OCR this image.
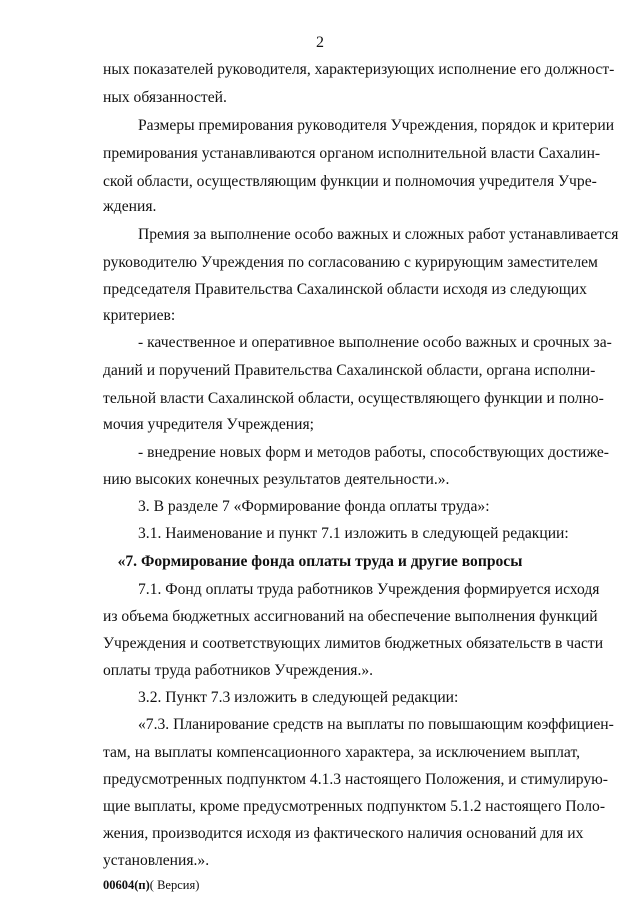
2
ных показателей руководителя, характеризующих исполнение его должност-
ных обязанностей.
Размеры премирования руководителя Учреждения, порядок и критерии
премирования устанавливаются органом исполнительной власти Сахалин-
ской области, осуществляющим функции и полномочия учредителя Учре-
ждения.
Премия за выполнение особо важных и сложных работ устанавливается
руководителю Учреждения по согласованию с курирующим заместителем
председателя Правительства Сахалинской области исходя из следующих
критериев:
- качественное и оперативное выполнение особо важных и срочных за-
даний и поручений Правительства Сахалинской области, органа исполни-
тельной власти Сахалинской области, осуществляющего функции и полно-
мочия учредителя Учреждения;
- внедрение новых форм и методов работы, способствующих достиже-
нию высоких конечных результатов деятельности.».
3. В разделе 7 «Формирование фонда оплаты труда»:
3.1. Наименование и пункт 7.1 изложить в следующей редакции:
«7. Формирование фонда оплаты труда и другие вопросы
7.1. Фонд оплаты труда работников Учреждения формируется исходя
из объема бюджетных ассигнований на обеспечение выполнения функций
Учреждения и соответствующих лимитов бюджетных обязательств в части
оплаты труда работников Учреждения.».
3.2. Пункт 7.3 изложить в следующей редакции:
«7.3. Планирование средств на выплаты по повышающим коэффициен-
там, на выплаты компенсационного характера, за исключением выплат,
предусмотренных подпунктом 4.1.3 настоящего Положения, и стимулирую-
щие выплаты, кроме предусмотренных подпунктом 5.1.2 настоящего Поло-
жения, производится исходя из фактического наличия оснований для их
установления.».
00604(п)( Версия)
